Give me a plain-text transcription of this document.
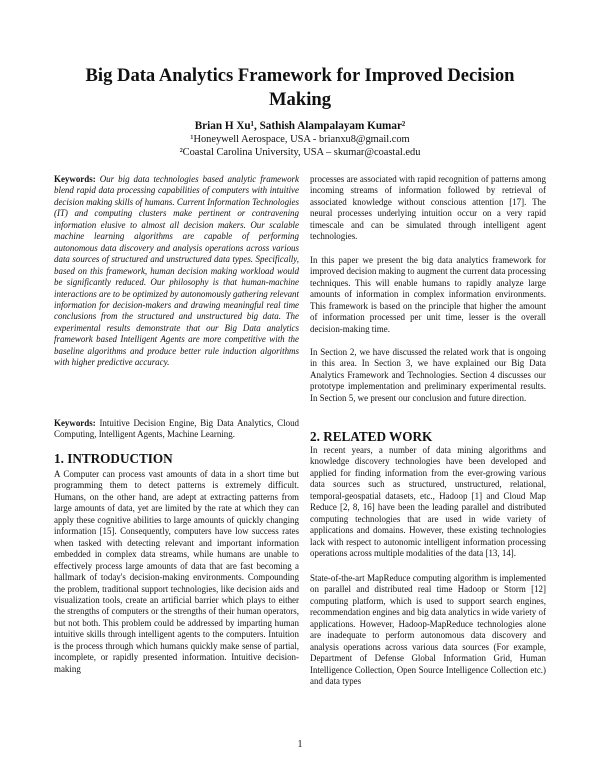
Big Data Analytics Framework for Improved Decision Making
Brian H Xu¹, Sathish Alampalayam Kumar²
¹Honeywell Aerospace, USA - brianxu8@gmail.com
²Coastal Carolina University, USA – skumar@coastal.edu

Keywords: Our big data technologies based analytic framework blend rapid data processing capabilities of computers with intuitive decision making skills of humans. Current Information Technologies (IT) and computing clusters make pertinent or contravening information elusive to almost all decision makers. Our scalable machine learning algorithms are capable of performing autonomous data discovery and analysis operations across various data sources of structured and unstructured data types. Specifically, based on this framework, human decision making workload would be significantly reduced. Our philosophy is that human-machine interactions are to be optimized by autonomously gathering relevant information for decision-makers and drawing meaningful real time conclusions from the structured and unstructured big data. The experimental results demonstrate that our Big Data analytics framework based Intelligent Agents are more competitive with the baseline algorithms and produce better rule induction algorithms with higher predictive accuracy.

Keywords: Intuitive Decision Engine, Big Data Analytics, Cloud Computing, Intelligent Agents, Machine Learning.

1. INTRODUCTION

A Computer can process vast amounts of data in a short time but programming them to detect patterns is extremely difficult. Humans, on the other hand, are adept at extracting patterns from large amounts of data, yet are limited by the rate at which they can apply these cognitive abilities to large amounts of quickly changing information [15]. Consequently, computers have low success rates when tasked with detecting relevant and important information embedded in complex data streams, while humans are unable to effectively process large amounts of data that are fast becoming a hallmark of today's decision-making environments. Compounding the problem, traditional support technologies, like decision aids and visualization tools, create an artificial barrier which plays to either the strengths of computers or the strengths of their human operators, but not both. This problem could be addressed by imparting human intuitive skills through intelligent agents to the computers. Intuition is the process through which humans quickly make sense of partial, incomplete, or rapidly presented information. Intuitive decision-making

processes are associated with rapid recognition of patterns among incoming streams of information followed by retrieval of associated knowledge without conscious attention [17]. The neural processes underlying intuition occur on a very rapid timescale and can be simulated through intelligent agent technologies.

In this paper we present the big data analytics framework for improved decision making to augment the current data processing techniques. This will enable humans to rapidly analyze large amounts of information in complex information environments. This framework is based on the principle that higher the amount of information processed per unit time, lesser is the overall decision-making time.

In Section 2, we have discussed the related work that is ongoing in this area. In Section 3, we have explained our Big Data Analytics Framework and Technologies. Section 4 discusses our prototype implementation and preliminary experimental results. In Section 5, we present our conclusion and future direction.

2. RELATED WORK

In recent years, a number of data mining algorithms and knowledge discovery technologies have been developed and applied for finding information from the ever-growing various data sources such as structured, unstructured, relational, temporal-geospatial datasets, etc., Hadoop [1] and Cloud Map Reduce [2, 8, 16] have been the leading parallel and distributed computing technologies that are used in wide variety of applications and domains. However, these existing technologies lack with respect to autonomic intelligent information processing operations across multiple modalities of the data [13, 14].

State-of-the-art MapReduce computing algorithm is implemented on parallel and distributed real time Hadoop or Storm [12] computing platform, which is used to support search engines, recommendation engines and big data analytics in wide variety of applications. However, Hadoop-MapReduce technologies alone are inadequate to perform autonomous data discovery and analysis operations across various data sources (For example, Department of Defense Global Information Grid, Human Intelligence Collection, Open Source Intelligence Collection etc.) and data types

1
